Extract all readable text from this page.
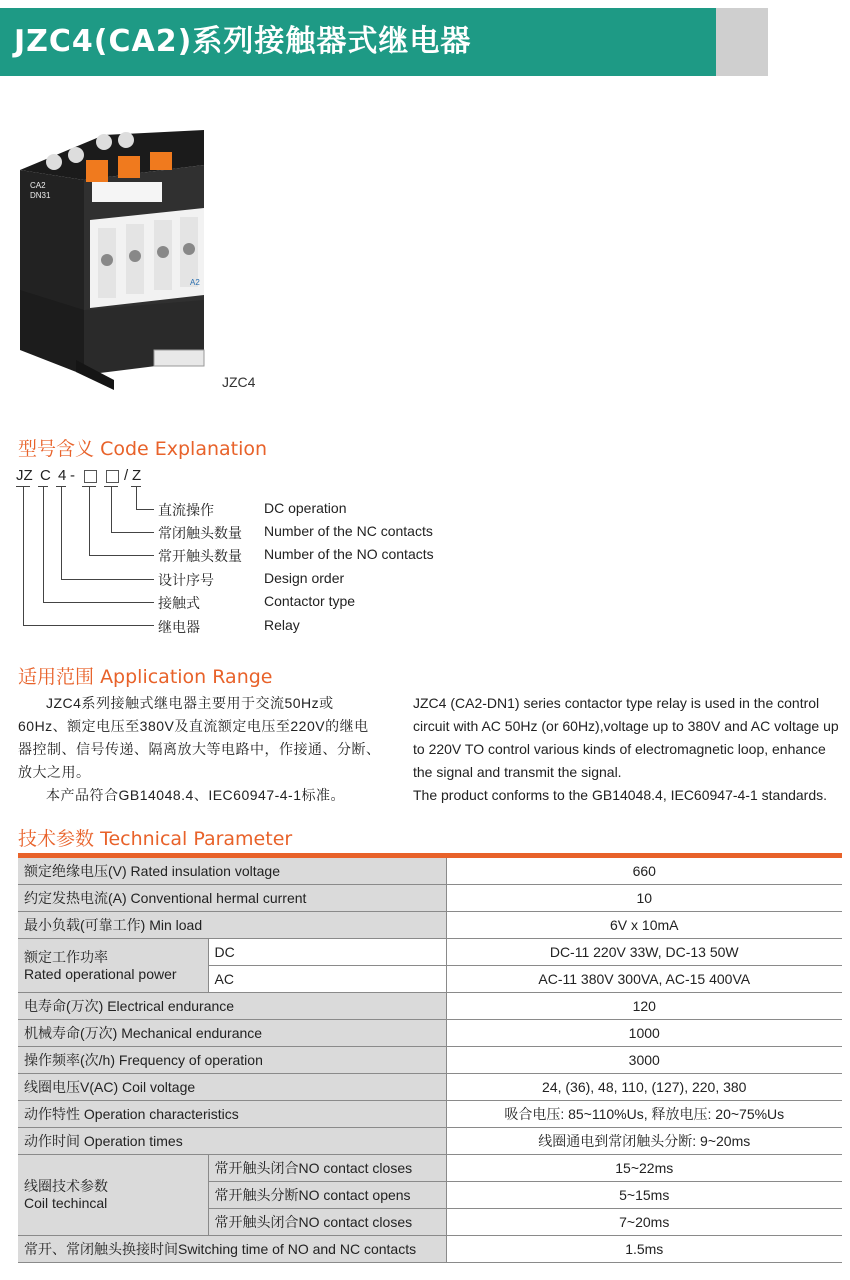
JZC4(CA2)系列接触器式继电器
CA2
DN31
A2
JZC4
型号含义 Code Explanation
JZ C 4 -	/ Z
直流操作	DC operation
常闭触头数量 Number of the NC contacts
常开触头数量 Number of the NO contacts
设计序号	Design order
接触式	Contactor type
继电器	Relay
适用范围 Application Range

JZC4系列接触式继电器主要用于交流50Hz或60Hz、额定电压至380V及直流额定电压至220V的继电器控制、信号传递、隔离放大等电路中，作接通、分断、放大之用。

本产品符合GB14048.4、IEC60947-4-1标准。

JZC4 (CA2-DN1) series contactor type relay is used in the control circuit with AC 50Hz (or 60Hz),voltage up to 380V and AC voltage up to 220V TO control various kinds of electromagnetic loop, enhance the signal and transmit the signal.

The product conforms to the GB14048.4, IEC60947-4-1 standards.

技术参数 Technical Parameter
额定绝缘电压(V) Rated insulation voltage		660
约定发热电流(A) Conventional hermal current		10
最小负载(可靠工作) Min load		6V x 10mA

额定工作功率
Rated operational power	DC	DC-11 220V 33W, DC-13 50W
	AC	AC-11 380V 300VA, AC-15 400VA
电寿命(万次) Electrical endurance		120
机械寿命(万次) Mechanical endurance		1000
操作频率(次/h) Frequency of operation		3000
线圈电压V(AC) Coil voltage		24, (36), 48, 110, (127), 220, 380
动作特性 Operation characteristics		吸合电压: 85~110%Us, 释放电压: 20~75%Us
动作时间 Operation times		线圈通电到常闭触头分断: 9~20ms

线圈技术参数
Coil techincal	常开触头闭合NO contact closes	15~22ms
	常开触头分断NO contact opens	5~15ms
	常开触头闭合NO contact closes	7~20ms
常开、常闭触头换接时间Switching time of NO and NC contacts		1.5ms
